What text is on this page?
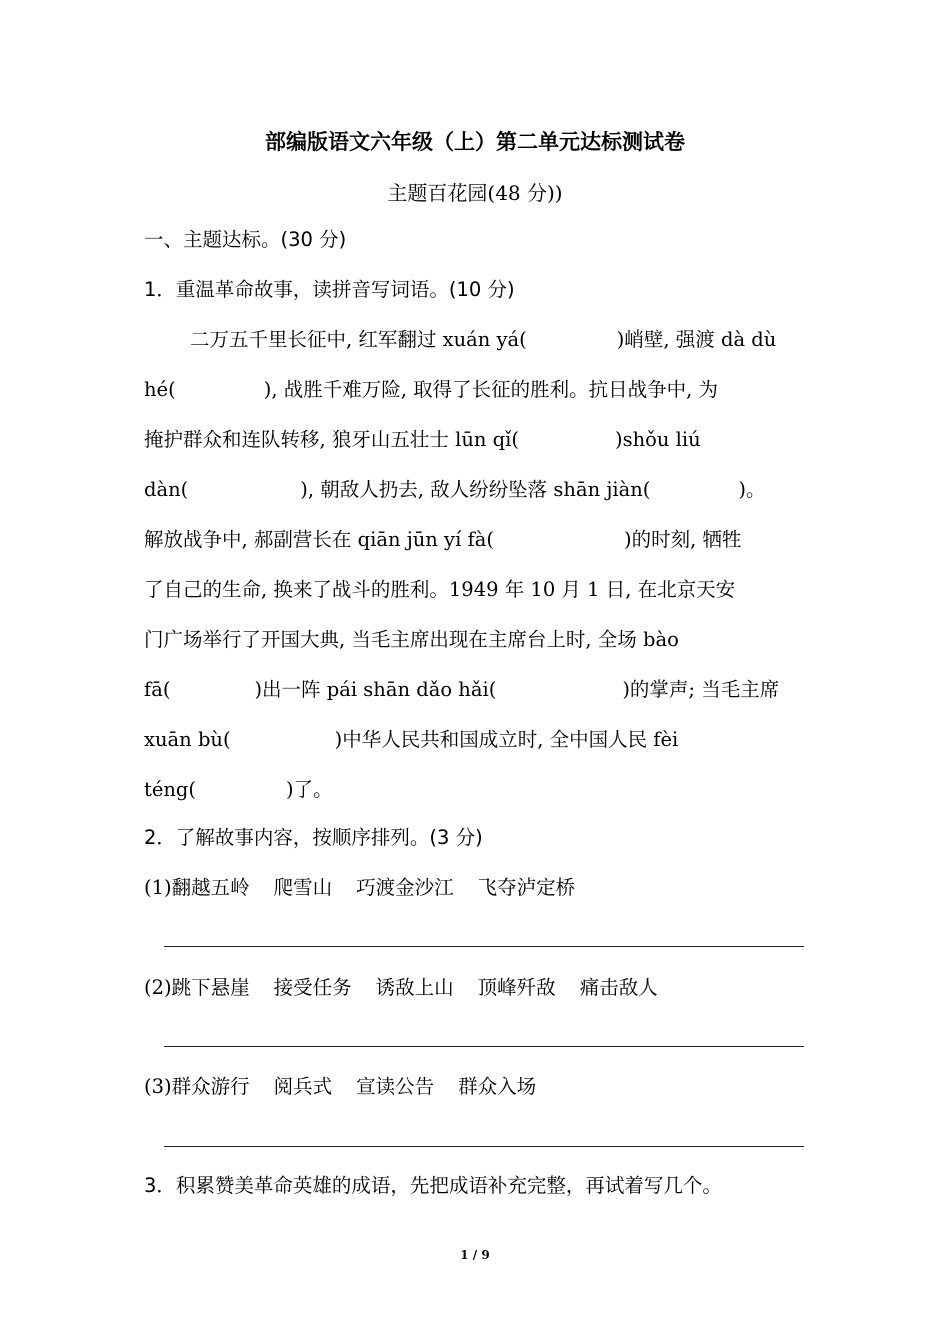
部编版语文六年级（上）第二单元达标测试卷
主题百花园(48 分))
一、主题达标。(30 分)
1．重温革命故事，读拼音写词语。(10 分)
二万五千里长征中, 红军翻过 xuán yá(	)峭壁, 强渡 dà dù
hé(	), 战胜千难万险, 取得了长征的胜利。抗日战争中, 为
掩护群众和连队转移, 狼牙山五壮士 lūn qǐ(	)shǒu liú
dàn(	), 朝敌人扔去, 敌人纷纷坠落 shān jiàn(	)。
解放战争中, 郝副营长在 qiān jūn yí fà(	)的时刻, 牺牲
了自己的生命, 换来了战斗的胜利。1949 年 10 月 1 日, 在北京天安
门广场举行了开国大典, 当毛主席出现在主席台上时, 全场 bào
fā(	)出一阵 pái shān dǎo hǎi(	)的掌声; 当毛主席
xuān bù(	)中华人民共和国成立时, 全中国人民 fèi
téng(	)了。
2．了解故事内容，按顺序排列。(3 分)
(1)翻越五岭 爬雪山 巧渡金沙江 飞夺泸定桥
(2)跳下悬崖 接受任务 诱敌上山 顶峰歼敌 痛击敌人
(3)群众游行 阅兵式 宣读公告 群众入场
3．积累赞美革命英雄的成语，先把成语补充完整，再试着写几个。
1 / 9
